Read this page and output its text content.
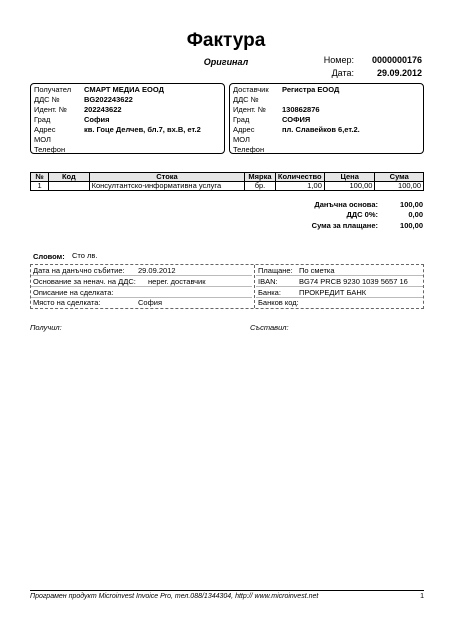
Фактура
Оригинал	Номер:	0000000176
Дата:	29.09.2012
Получател СМАРТ МЕДИА ЕООД
ДДС №	BG202243622
Идент. № 202243622
Град	София
Адрес	кв. Гоце Делчев, бл.7, вх.В, ет.2
МОЛ
Телефон
Доставчик Регистра ЕООД
ДДС №
Идент. № 130862876
Град	СОФИЯ
Адрес	пл. Славейков 6,ет.2.
МОЛ
Телефон
№	Код	Стока	Мярка	Количество	Цена	Сума
1		Консултантско-информативна услуга	бр.	1,00	100,00	100,00
Данъчна основа:	100,00
ДДС 0%:	0,00
Сума за плащане:	100,00
Словом: Сто лв.
Дата на данъчно събитие: 29.09.2012
Основание за ненач. на ДДС: нерег. доставчик
Описание на сделката:
Място на сделката:	София
Плащане: По сметка
IBAN:	BG74 PRCB 9230 1039 5657 16
Банка: ПРОКРЕДИТ БАНК
Банков код:
Получил:	Съставил:
Програмен продукт Microinvest Invoice Pro, тел.088/1344304, http:// www.microinvest.net	1
